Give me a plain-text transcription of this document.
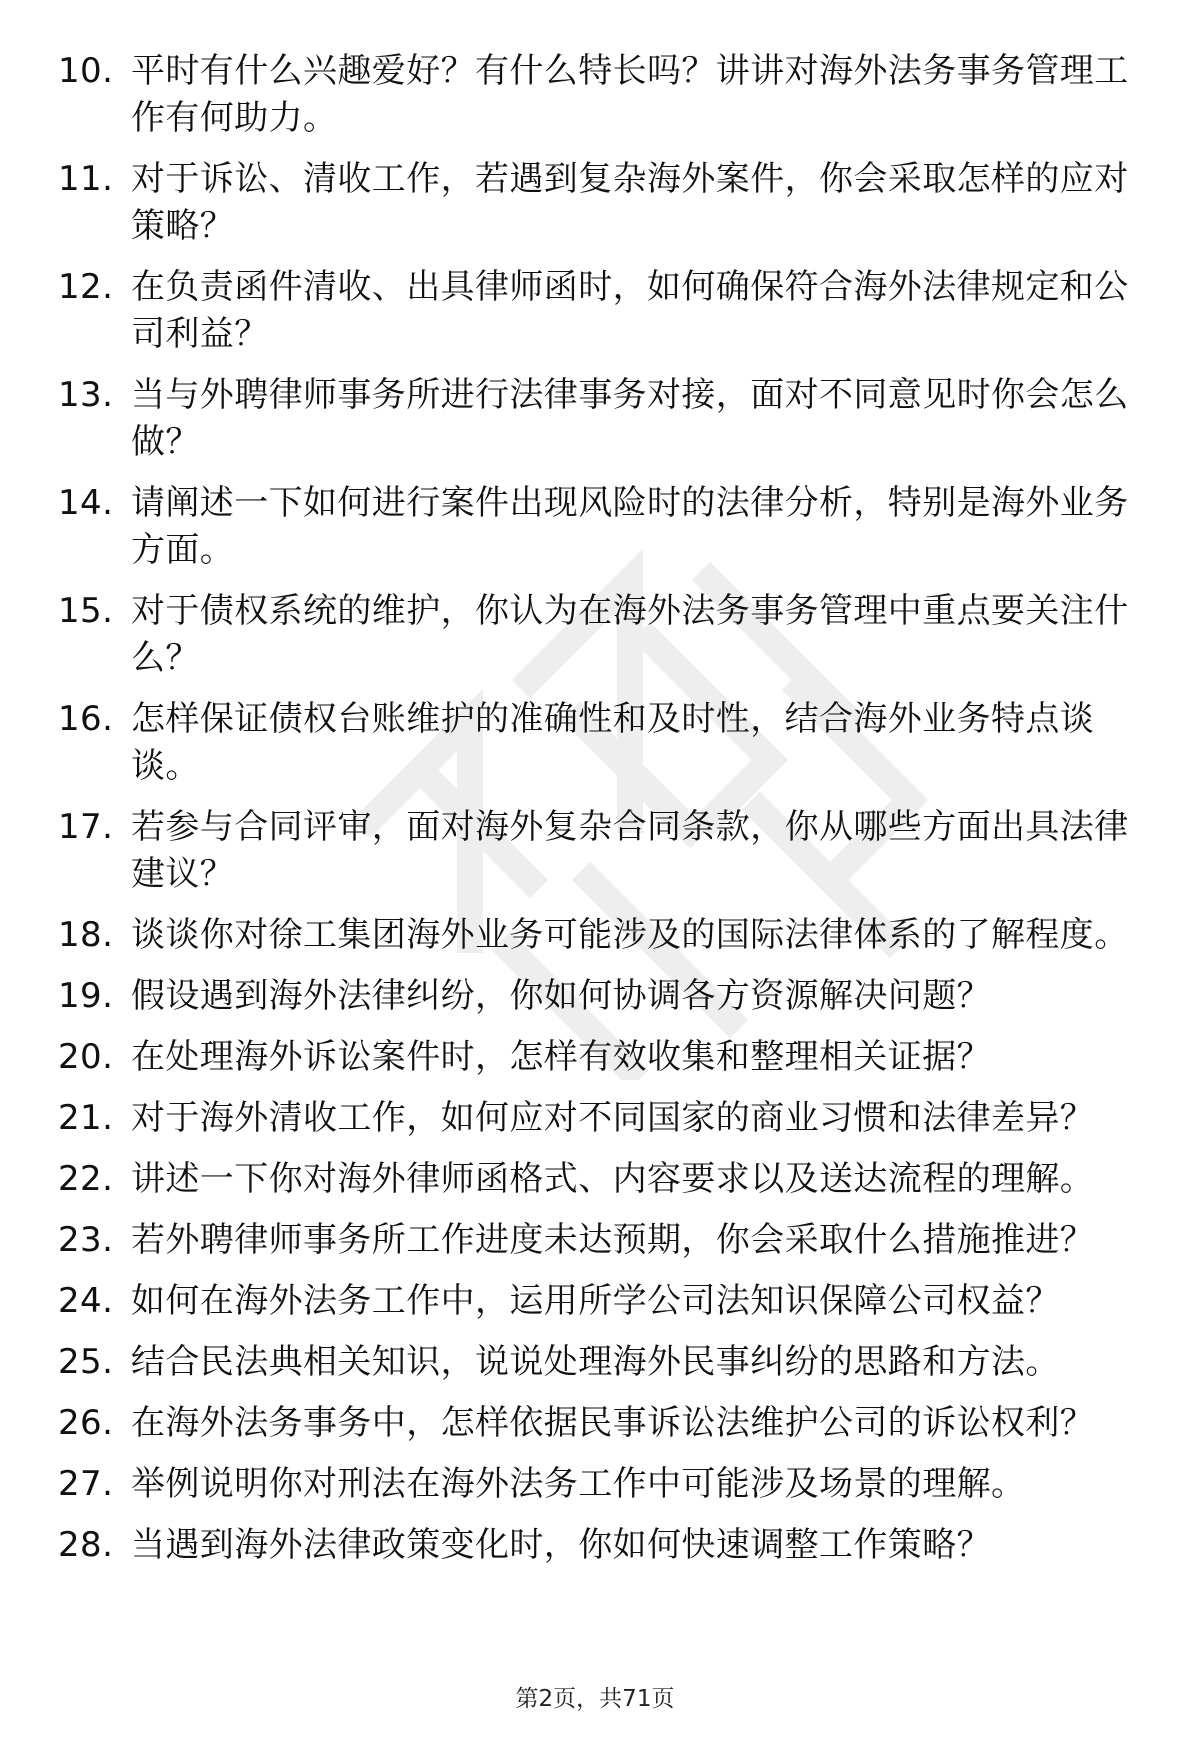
10. 平时有什么兴趣爱好？有什么特长吗？讲讲对海外法务事务管理工作有何助力。
11. 对于诉讼、清收工作，若遇到复杂海外案件，你会采取怎样的应对策略？
12. 在负责函件清收、出具律师函时，如何确保符合海外法律规定和公司利益？
13. 当与外聘律师事务所进行法律事务对接，面对不同意见时你会怎么做？
14. 请阐述一下如何进行案件出现风险时的法律分析，特别是海外业务方面。
15. 对于债权系统的维护，你认为在海外法务事务管理中重点要关注什么？
16. 怎样保证债权台账维护的准确性和及时性，结合海外业务特点谈谈。
17. 若参与合同评审，面对海外复杂合同条款，你从哪些方面出具法律建议？
18. 谈谈你对徐工集团海外业务可能涉及的国际法律体系的了解程度。
19. 假设遇到海外法律纠纷，你如何协调各方资源解决问题？
20. 在处理海外诉讼案件时，怎样有效收集和整理相关证据？
21. 对于海外清收工作，如何应对不同国家的商业习惯和法律差异？
22. 讲述一下你对海外律师函格式、内容要求以及送达流程的理解。
23. 若外聘律师事务所工作进度未达预期，你会采取什么措施推进？
24. 如何在海外法务工作中，运用所学公司法知识保障公司权益？
25. 结合民法典相关知识，说说处理海外民事纠纷的思路和方法。
26. 在海外法务事务中，怎样依据民事诉讼法维护公司的诉讼权利？
27. 举例说明你对刑法在海外法务工作中可能涉及场景的理解。
28. 当遇到海外法律政策变化时，你如何快速调整工作策略？
第2页，共71页
